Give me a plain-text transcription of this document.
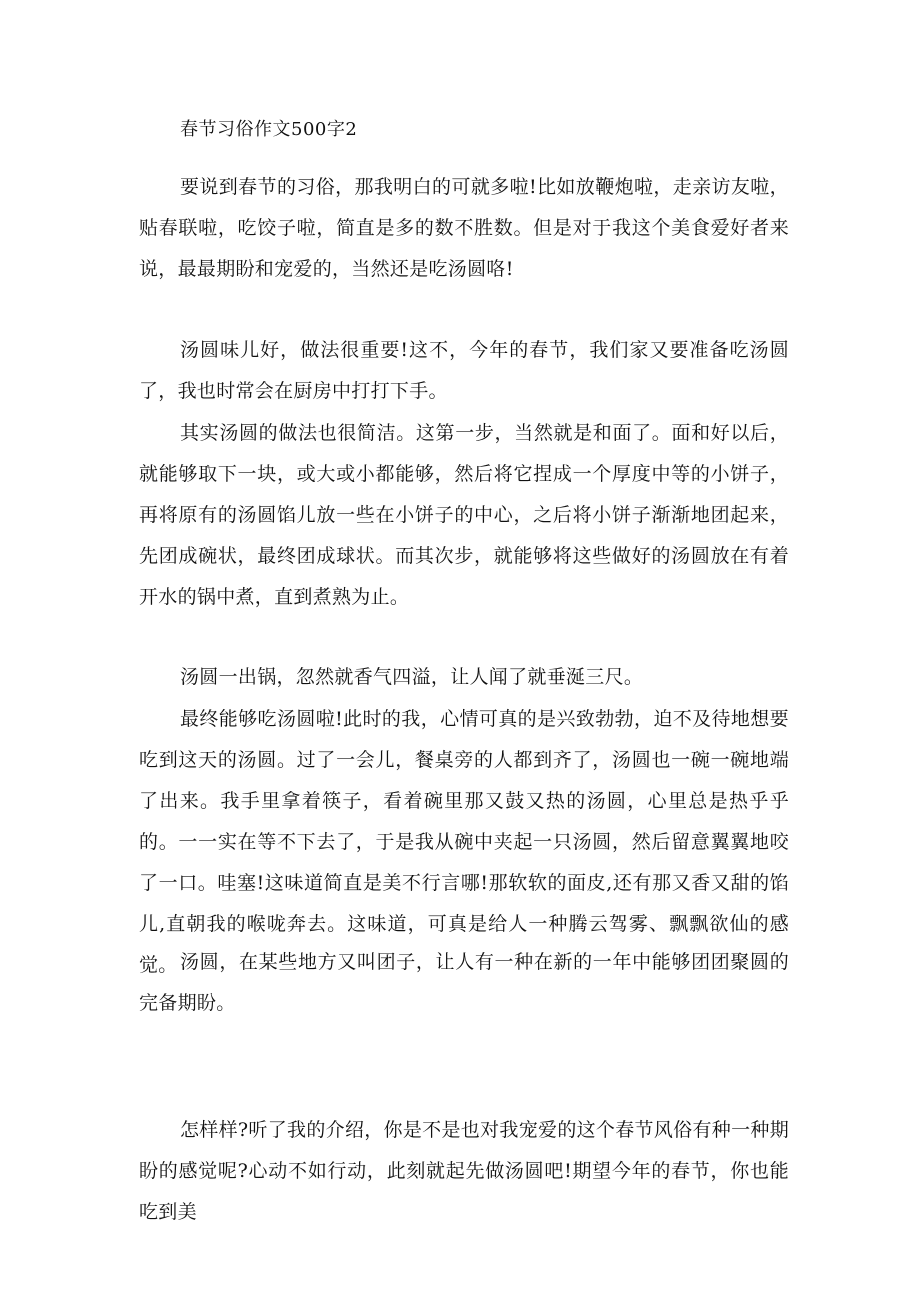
春节习俗作文500字2

要说到春节的习俗，那我明白的可就多啦!比如放鞭炮啦，走亲访友啦，贴春联啦，吃饺子啦，简直是多的数不胜数。但是对于我这个美食爱好者来说，最最期盼和宠爱的，当然还是吃汤圆咯!

汤圆味儿好，做法很重要!这不，今年的春节，我们家又要准备吃汤圆了，我也时常会在厨房中打打下手。

其实汤圆的做法也很简洁。这第一步，当然就是和面了。面和好以后，就能够取下一块，或大或小都能够，然后将它捏成一个厚度中等的小饼子，再将原有的汤圆馅儿放一些在小饼子的中心，之后将小饼子渐渐地团起来，先团成碗状，最终团成球状。而其次步，就能够将这些做好的汤圆放在有着开水的锅中煮，直到煮熟为止。

汤圆一出锅，忽然就香气四溢，让人闻了就垂涎三尺。

最终能够吃汤圆啦!此时的我，心情可真的是兴致勃勃，迫不及待地想要吃到这天的汤圆。过了一会儿，餐桌旁的人都到齐了，汤圆也一碗一碗地端了出来。我手里拿着筷子，看着碗里那又鼓又热的汤圆，心里总是热乎乎的。一一实在等不下去了，于是我从碗中夹起一只汤圆，然后留意翼翼地咬了一口。哇塞!这味道简直是美不行言哪!那软软的面皮,还有那又香又甜的馅儿,直朝我的喉咙奔去。这味道，可真是给人一种腾云驾雾、飘飘欲仙的感觉。 汤圆，在某些地方又叫团子，让人有一种在新的一年中能够团团聚圆的完备期盼。

怎样样?听了我的介绍，你是不是也对我宠爱的这个春节风俗有种一种期盼的感觉呢?心动不如行动，此刻就起先做汤圆吧!期望今年的春节，你也能吃到美
